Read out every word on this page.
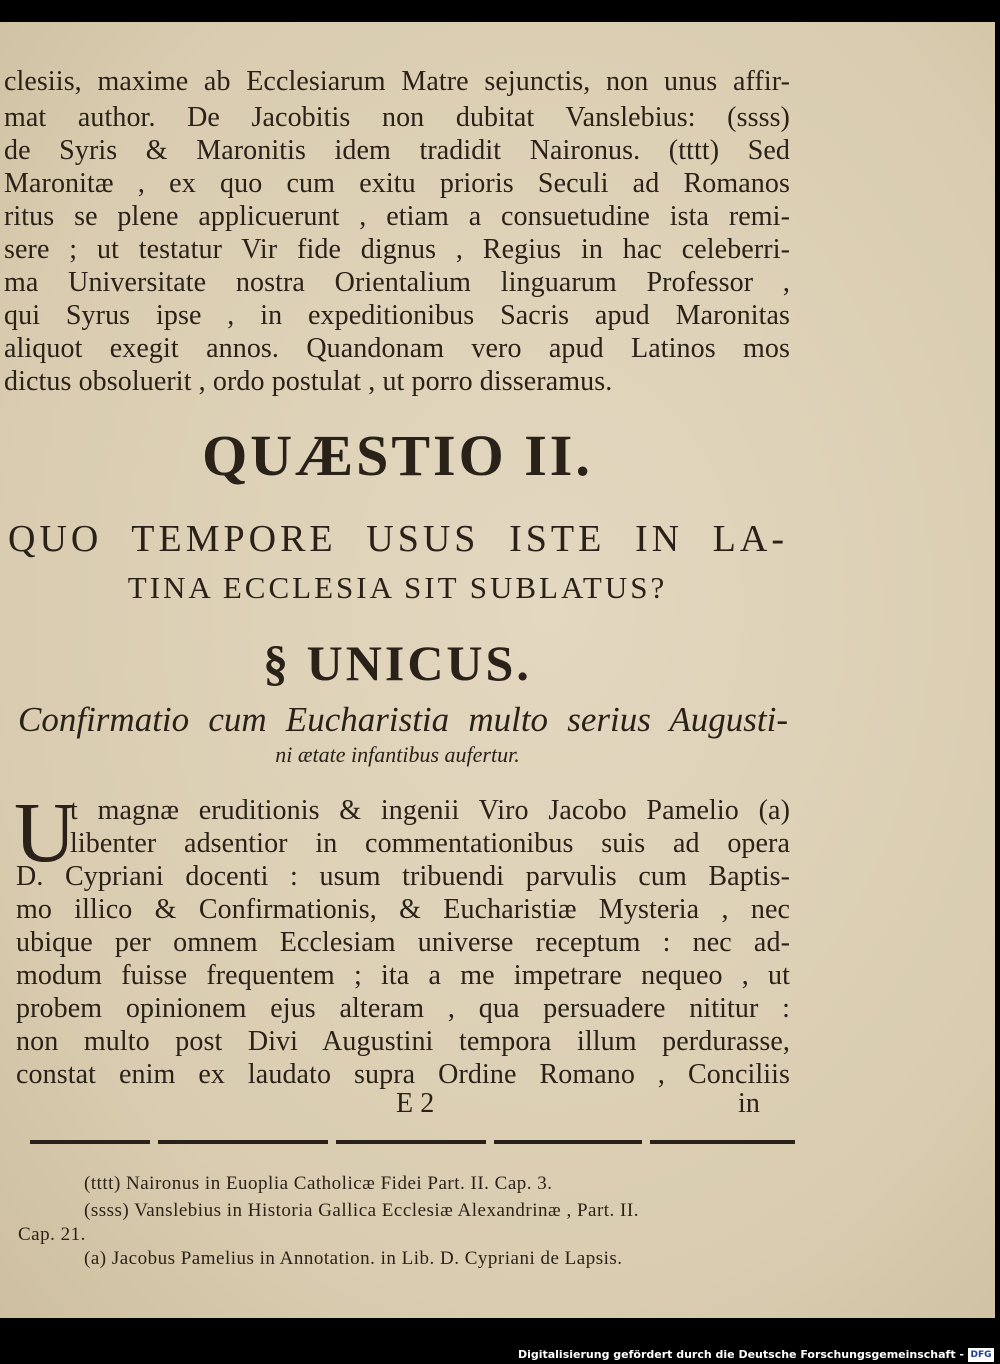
clesiis, maxime ab Ecclesiarum Matre sejunctis, non unus affir-
mat author. De Jacobitis non dubitat Vanslebius: (ssss)
de Syris & Maronitis idem tradidit Naironus. (tttt) Sed
Maronitæ , ex quo cum exitu prioris Seculi ad Romanos
ritus se plene applicuerunt , etiam a consuetudine ista remi-
sere ; ut testatur Vir fide dignus , Regius in hac celeberri-
ma Universitate nostra Orientalium linguarum Professor ,
qui Syrus ipse , in expeditionibus Sacris apud Maronitas
aliquot exegit annos. Quandonam vero apud Latinos mos
dictus obsoluerit , ordo postulat , ut porro disseramus.
QUÆSTIO II.
QUO TEMPORE USUS ISTE IN LA-
TINA ECCLESIA SIT SUBLATUS?
§ UNICUS.
Confirmatio cum Eucharistia multo serius Augusti-
ni ætate infantibus aufertur.
U
t magnæ eruditionis & ingenii Viro Jacobo Pamelio (a)
libenter adsentior in commentationibus suis ad opera
D. Cypriani docenti : usum tribuendi parvulis cum Baptis-
mo illico & Confirmationis, & Eucharistiæ Mysteria , nec
ubique per omnem Ecclesiam universe receptum : nec ad-
modum fuisse frequentem ; ita a me impetrare nequeo , ut
probem opinionem ejus alteram , qua persuadere nititur :
non multo post Divi Augustini tempora illum perdurasse,
constat enim ex laudato supra Ordine Romano , Conciliis
E 2	in
(tttt) Naironus in Euoplia Catholicæ Fidei Part. II. Cap. 3.
(ssss) Vanslebius in Historia Gallica Ecclesiæ Alexandrinæ , Part. II.
Cap. 21.
(a) Jacobus Pamelius in Annotation. in Lib. D. Cypriani de Lapsis.
Digitalisierung gefördert durch die Deutsche Forschungsgemeinschaft - DFG
